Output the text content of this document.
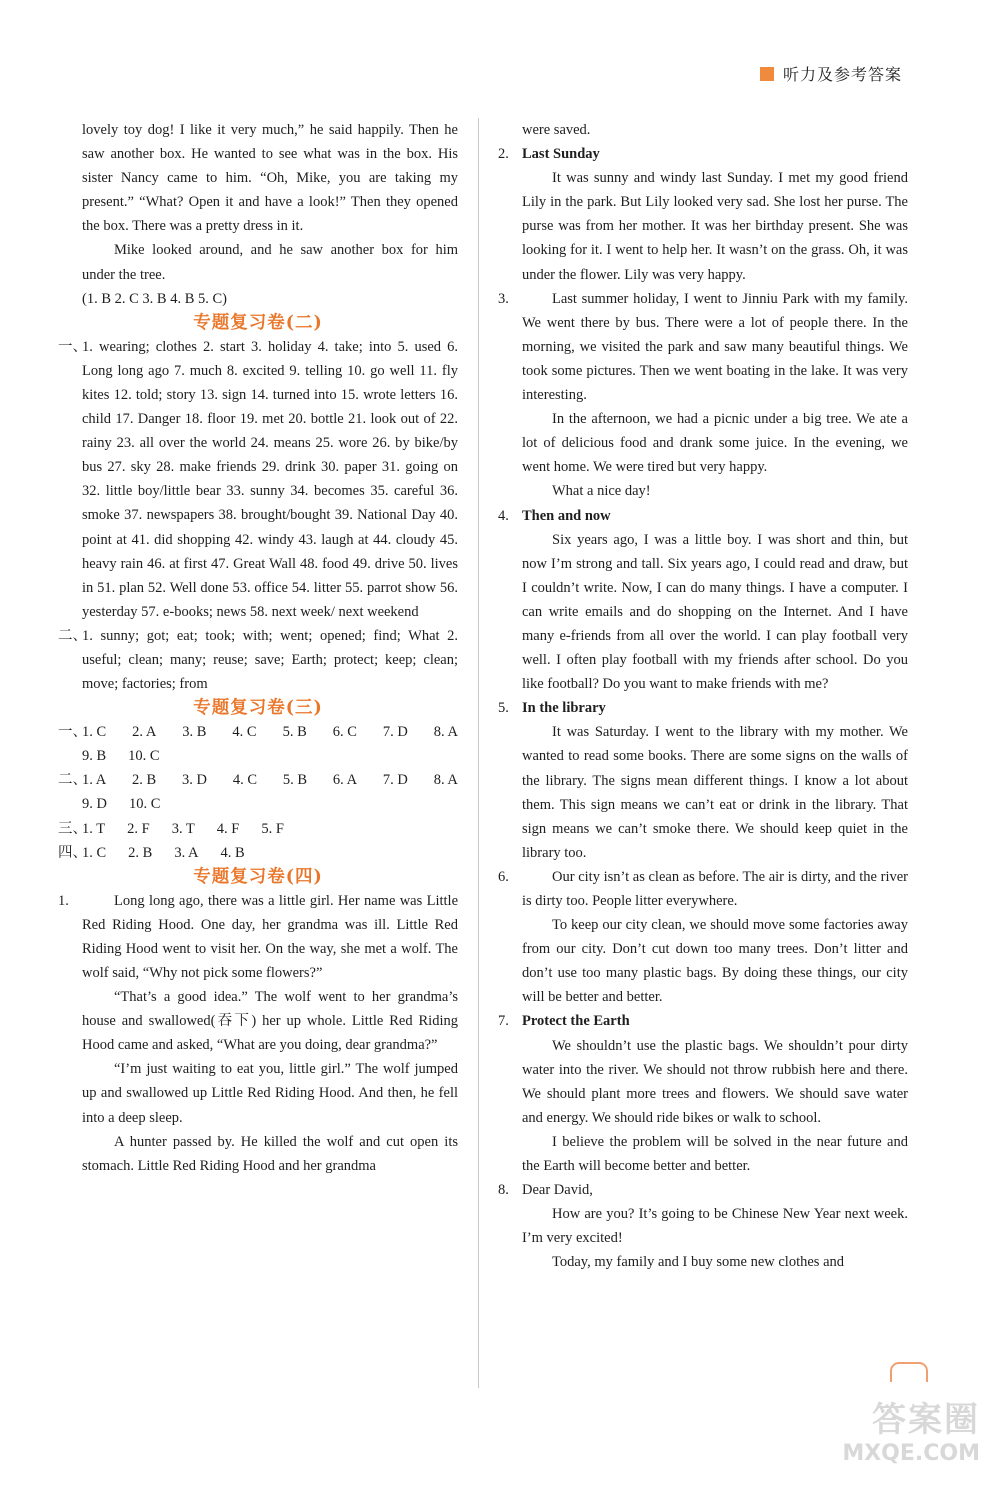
听力及参考答案

lovely toy dog! I like it very much,” he said happily. Then he saw another box. He wanted to see what was in the box. His sister Nancy came to him. “Oh, Mike, you are taking my present.” “What? Open it and have a look!” Then they opened the box. There was a pretty dress in it.

Mike looked around, and he saw another box for him under the tree.

(1. B 2. C 3. B 4. B 5. C)

专题复习卷(二)

一、
1. wearing; clothes 2. start 3. holiday 4. take; into 5. used 6. Long long ago 7. much 8. excited 9. telling 10. go well 11. fly kites 12. told; story 13. sign 14. turned into 15. wrote letters 16. child 17. Danger 18. floor 19. met 20. bottle 21. look out of 22. rainy 23. all over the world 24. means 25. wore 26. by bike/by bus 27. sky 28. make friends 29. drink 30. paper 31. going on 32. little boy/little bear 33. sunny 34. becomes 35. careful 36. smoke 37. newspapers 38. brought/bought 39. National Day 40. point at 41. did shopping 42. windy 43. laugh at 44. cloudy 45. heavy rain 46. at first 47. Great Wall 48. food 49. drive 50. lives in 51. plan 52. Well done 53. office 54. litter 55. parrot show 56. yesterday 57. e-books; news 58. next week/ next weekend
二、
1. sunny; got; eat; took; with; went; opened; find; What 2. useful; clean; many; reuse; save; Earth; protect; keep; clean; move; factories; from

专题复习卷(三)

一、
1. C 2. A 3. B 4. C 5. B 6. C 7. D 8. A
9. B 10. C
二、
1. A 2. B 3. D 4. C 5. B 6. A 7. D 8. A
9. D 10. C
三、
1. T 2. F 3. T 4. F 5. F
四、
1. C 2. B 3. A 4. B

专题复习卷(四)

1.	Long long ago, there was a little girl. Her name was Little Red Riding Hood. One day, her grandma was ill. Little Red Riding Hood went to visit her. On the way, she met a wolf. The wolf said, “Why not pick some flowers?”

“That’s a good idea.” The wolf went to her grandma’s house and swallowed(吞下) her up whole. Little Red Riding Hood came and asked, “What are you doing, dear grandma?”

“I’m just waiting to eat you, little girl.” The wolf jumped up and swallowed up Little Red Riding Hood. And then, he fell into a deep sleep.

A hunter passed by. He killed the wolf and cut open its stomach. Little Red Riding Hood and her grandma

were saved.

2. Last Sunday
It was sunny and windy last Sunday. I met my good friend Lily in the park. But Lily looked very sad. She lost her purse. The purse was from her mother. It was her birthday present. She was looking for it. I went to help her. It wasn’t on the grass. Oh, it was under the flower. Lily was very happy.
3.	Last summer holiday, I went to Jinniu Park with my family. We went there by bus. There were a lot of people there. In the morning, we visited the park and saw many beautiful things. We took some pictures. Then we went boating in the lake. It was very interesting.
In the afternoon, we had a picnic under a big tree. We ate a lot of delicious food and drank some juice. In the evening, we went home. We were tired but very happy.
What a nice day!
4. Then and now
Six years ago, I was a little boy. I was short and thin, but now I’m strong and tall. Six years ago, I could read and draw, but I couldn’t write. Now, I can do many things. I have a computer. I can write emails and do shopping on the Internet. And I have many e-friends from all over the world. I can play football very well. I often play football with my friends after school. Do you like football? Do you want to make friends with me?
5. In the library
It was Saturday. I went to the library with my mother. We wanted to read some books. There are some signs on the walls of the library. The signs mean different things. I know a lot about them. This sign means we can’t eat or drink in the library. That sign means we can’t smoke there. We should keep quiet in the library too.
6.	Our city isn’t as clean as before. The air is dirty, and the river is dirty too. People litter everywhere.
To keep our city clean, we should move some factories away from our city. Don’t cut down too many trees. Don’t litter and don’t use too many plastic bags. By doing these things, our city will be better and better.
7. Protect the Earth
We shouldn’t use the plastic bags. We shouldn’t pour dirty water into the river. We should not throw rubbish here and there. We should plant more trees and flowers. We should save water and energy. We should ride bikes or walk to school.
I believe the problem will be solved in the near future and the Earth will become better and better.
8. Dear David,
How are you? It’s going to be Chinese New Year next week. I’m very excited!
Today, my family and I buy some new clothes and
答案圈
MXQE.COM
